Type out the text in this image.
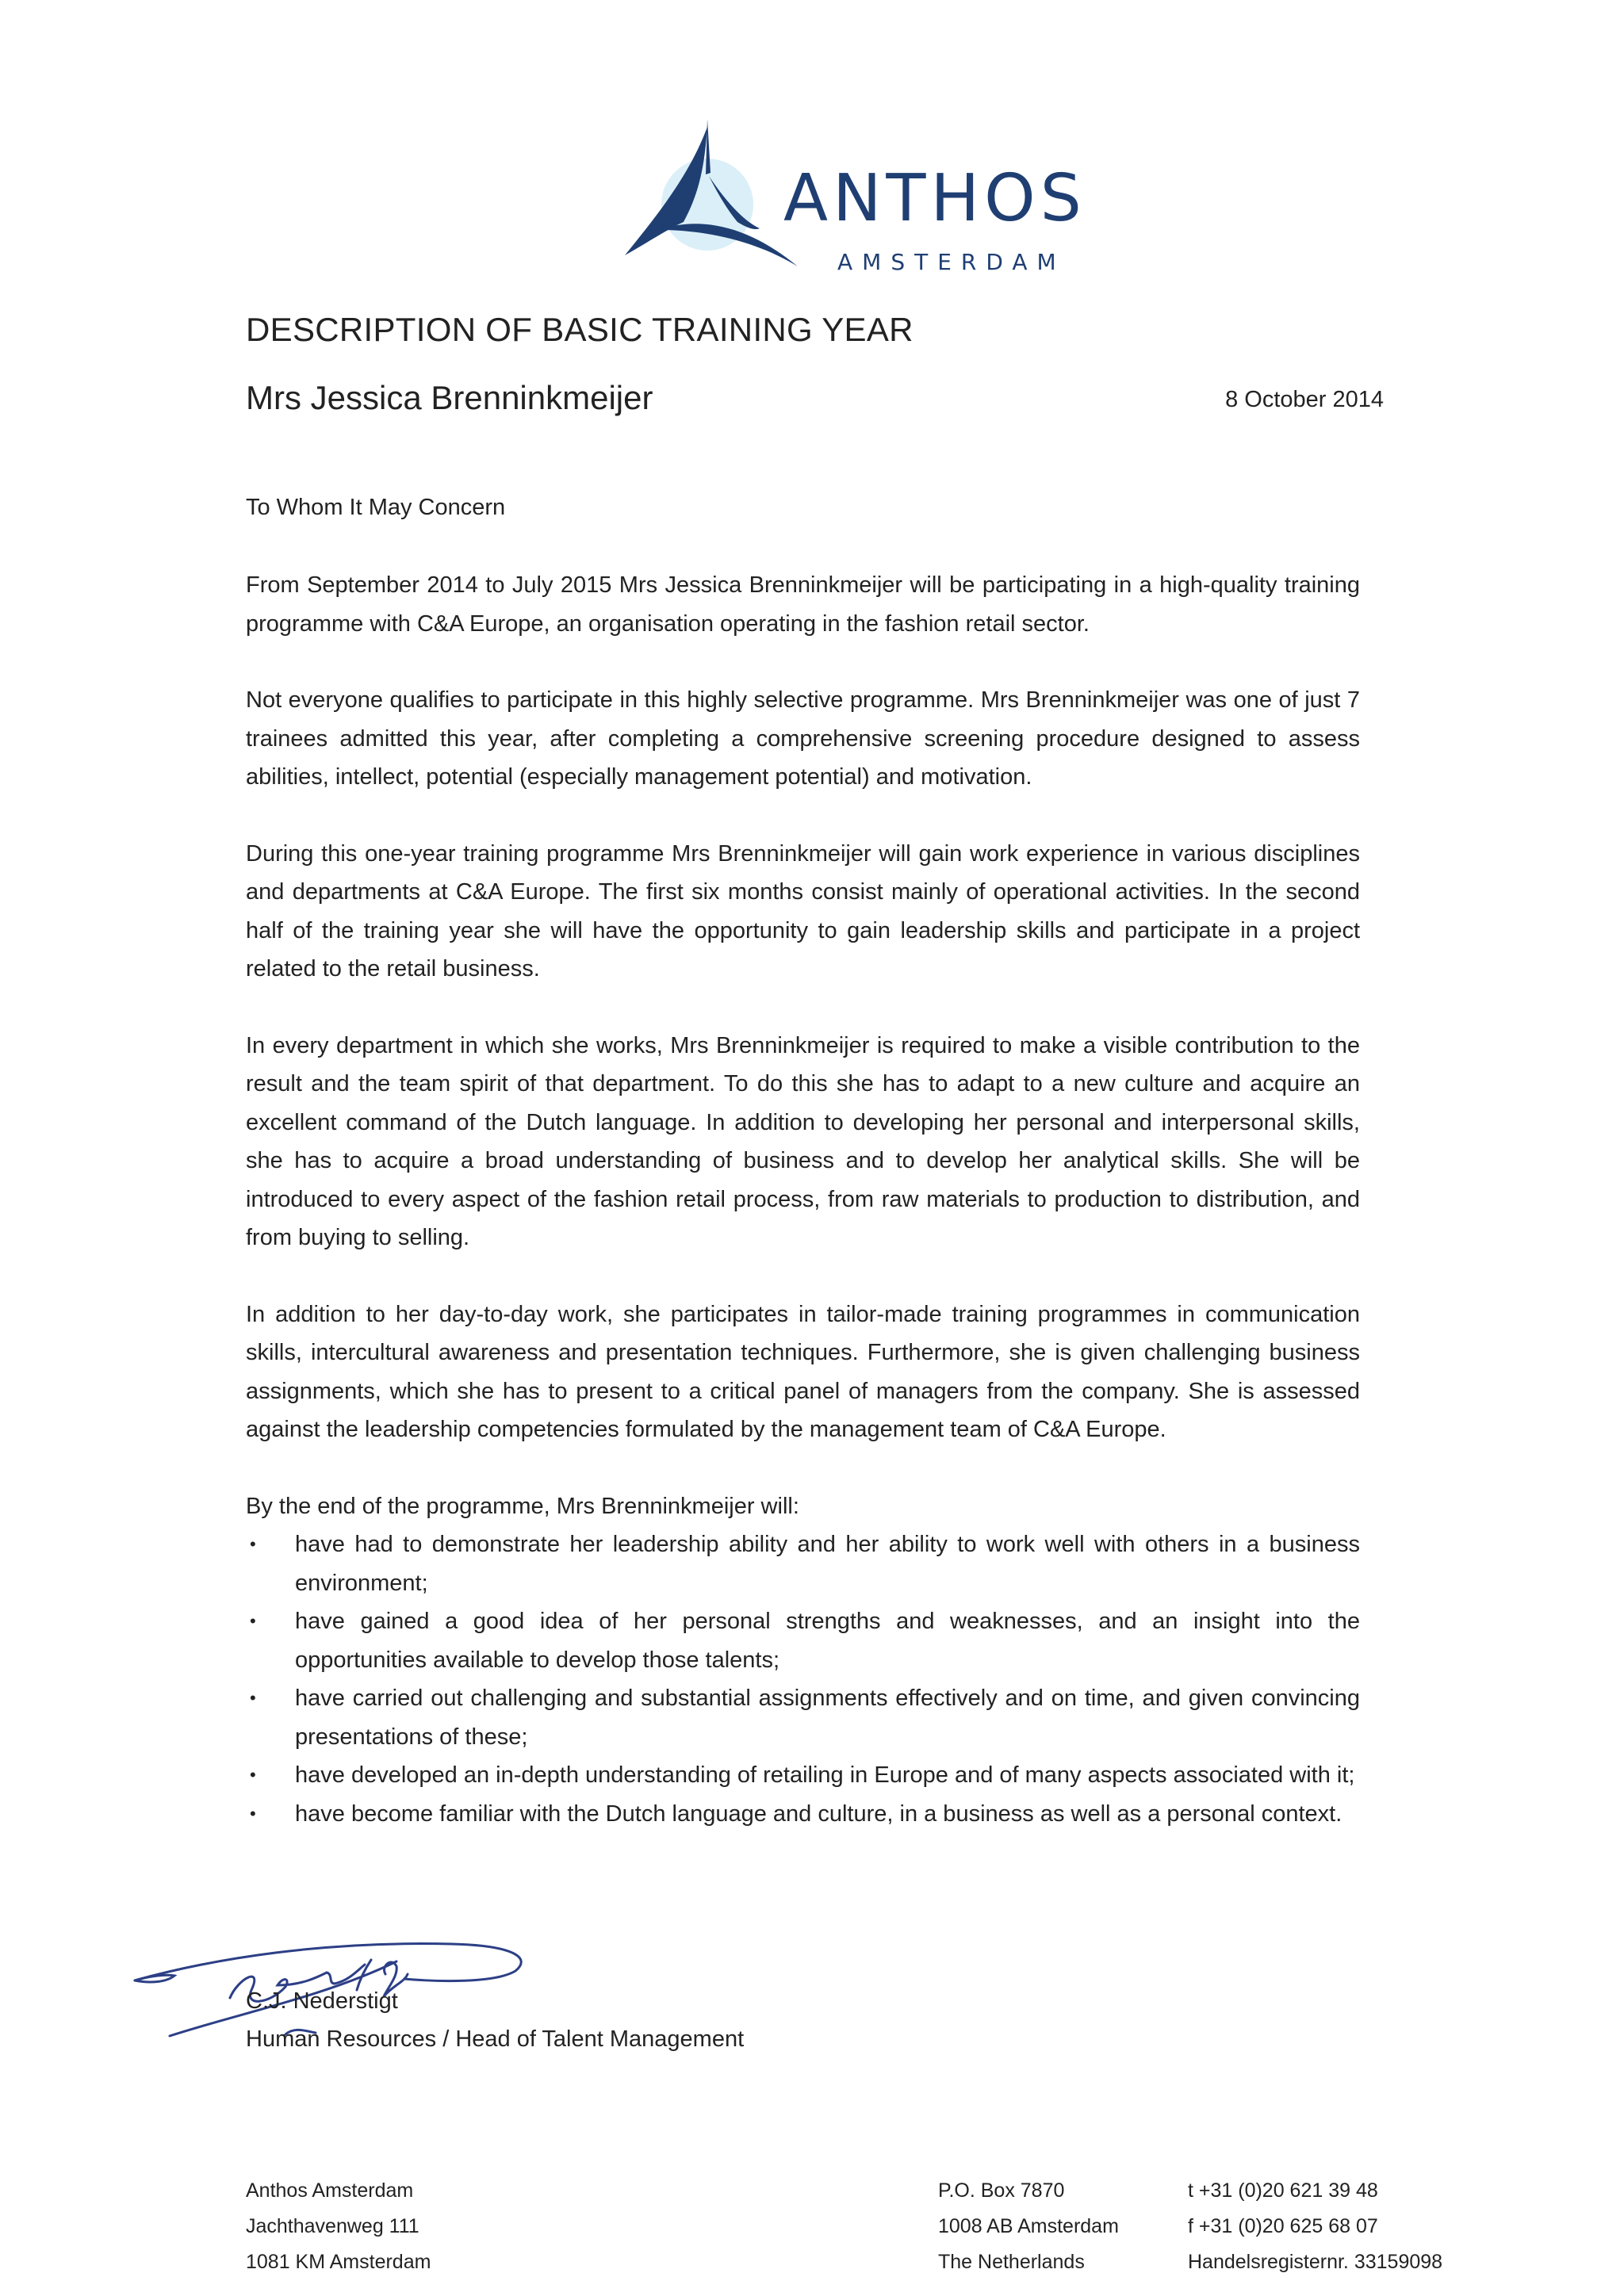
ANTHOS
AMSTERDAM
DESCRIPTION OF BASIC TRAINING YEAR
Mrs Jessica Brenninkmeijer	8 October 2014
To Whom It May Concern

From September 2014 to July 2015 Mrs Jessica Brenninkmeijer will be participating in a high-quality training programme with C&A Europe, an organisation operating in the fashion retail sector.

Not everyone qualifies to participate in this highly selective programme. Mrs Brenninkmeijer was one of just 7 trainees admitted this year, after completing a comprehensive screening procedure designed to assess abilities, intellect, potential (especially management potential) and motivation.

During this one-year training programme Mrs Brenninkmeijer will gain work experience in various disciplines and departments at C&A Europe. The first six months consist mainly of operational activities. In the second half of the training year she will have the opportunity to gain leadership skills and participate in a project related to the retail business.

In every department in which she works, Mrs Brenninkmeijer is required to make a visible contribution to the result and the team spirit of that department. To do this she has to adapt to a new culture and acquire an excellent command of the Dutch language. In addition to developing her personal and interpersonal skills, she has to acquire a broad understanding of business and to develop her analytical skills. She will be introduced to every aspect of the fashion retail process, from raw materials to production to distribution, and from buying to selling.

In addition to her day-to-day work, she participates in tailor-made training programmes in communication skills, intercultural awareness and presentation techniques. Furthermore, she is given challenging business assignments, which she has to present to a critical panel of managers from the company. She is assessed against the leadership competencies formulated by the management team of C&A Europe.

By the end of the programme, Mrs Brenninkmeijer will:

• have had to demonstrate her leadership ability and her ability to work well with others in a business environment;
• have gained a good idea of her personal strengths and weaknesses, and an insight into the opportunities available to develop those talents;
• have carried out challenging and substantial assignments effectively and on time, and given convincing presentations of these;
• have developed an in-depth understanding of retailing in Europe and of many aspects associated with it;
• have become familiar with the Dutch language and culture, in a business as well as a personal context.
C.J. Nederstigt
Human Resources / Head of Talent Management
Anthos Amsterdam
Jachthavenweg 111
1081 KM Amsterdam
P.O. Box 7870
1008 AB Amsterdam
The Netherlands
t +31 (0)20 621 39 48
f +31 (0)20 625 68 07
Handelsregisternr. 33159098
